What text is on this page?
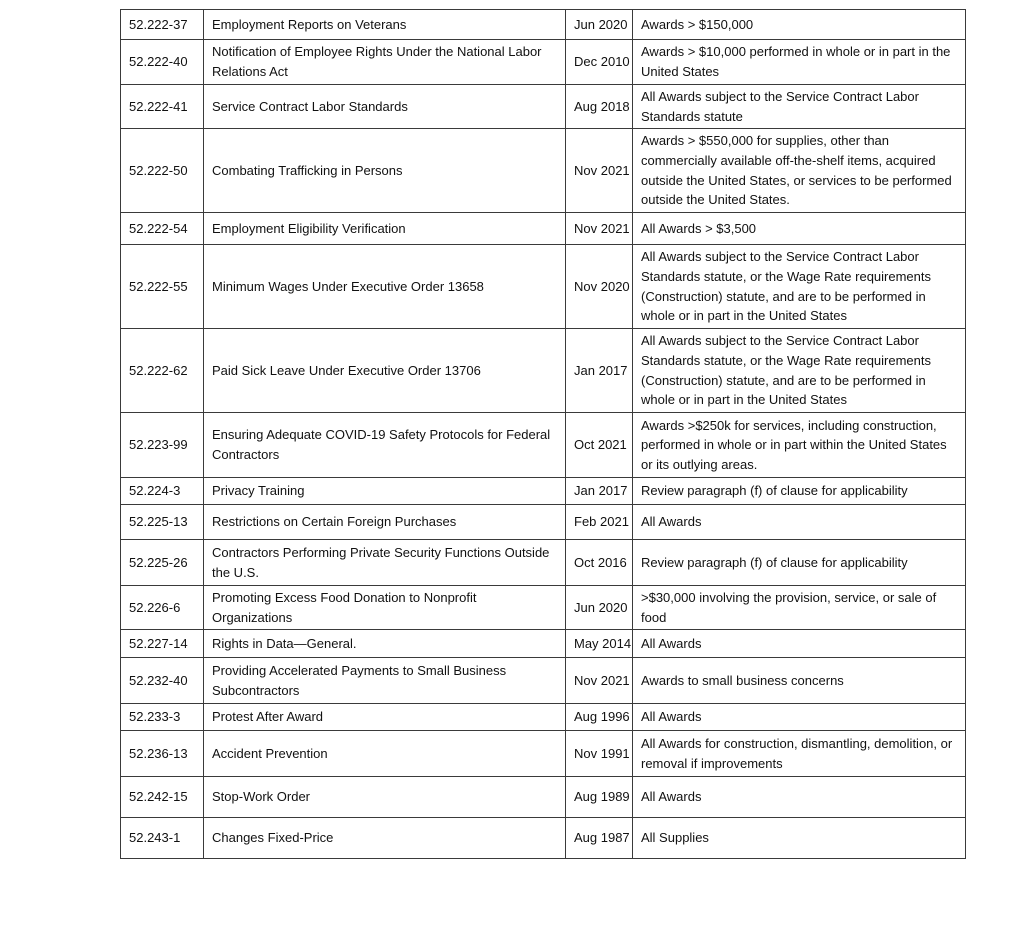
52.222-37	Employment Reports on Veterans	Jun 2020	Awards > $150,000
52.222-40	Notification of Employee Rights Under the National Labor Relations Act	Dec 2010	Awards > $10,000 performed in whole or in part in the United States
52.222-41	Service Contract Labor Standards	Aug 2018	All Awards subject to the Service Contract Labor Standards statute
52.222-50	Combating Trafficking in Persons	Nov 2021	Awards > $550,000 for supplies, other than commercially available off-the-shelf items, acquired outside the United States, or services to be performed outside the United States.
52.222-54	Employment Eligibility Verification	Nov 2021	All Awards > $3,500
52.222-55	Minimum Wages Under Executive Order 13658	Nov 2020	All Awards subject to the Service Contract Labor Standards statute, or the Wage Rate requirements (Construction) statute, and are to be performed in whole or in part in the United States
52.222-62	Paid Sick Leave Under Executive Order 13706	Jan 2017	All Awards subject to the Service Contract Labor Standards statute, or the Wage Rate requirements (Construction) statute, and are to be performed in whole or in part in the United States
52.223-99	Ensuring Adequate COVID-19 Safety Protocols for Federal Contractors	Oct 2021	Awards >$250k for services, including construction, performed in whole or in part within the United States or its outlying areas.
52.224-3	Privacy Training	Jan 2017	Review paragraph (f) of clause for applicability
52.225-13	Restrictions on Certain Foreign Purchases	Feb 2021	All Awards
52.225-26	Contractors Performing Private Security Functions Outside the U.S.	Oct 2016	Review paragraph (f) of clause for applicability
52.226-6	Promoting Excess Food Donation to Nonprofit Organizations	Jun 2020	>$30,000 involving the provision, service, or sale of food
52.227-14	Rights in Data—General.	May 2014	All Awards
52.232-40	Providing Accelerated Payments to Small Business Subcontractors	Nov 2021	Awards to small business concerns
52.233-3	Protest After Award	Aug 1996	All Awards
52.236-13	Accident Prevention	Nov 1991	All Awards for construction, dismantling, demolition, or removal if improvements
52.242-15	Stop-Work Order	Aug 1989	All Awards
52.243-1	Changes Fixed-Price	Aug 1987	All Supplies
